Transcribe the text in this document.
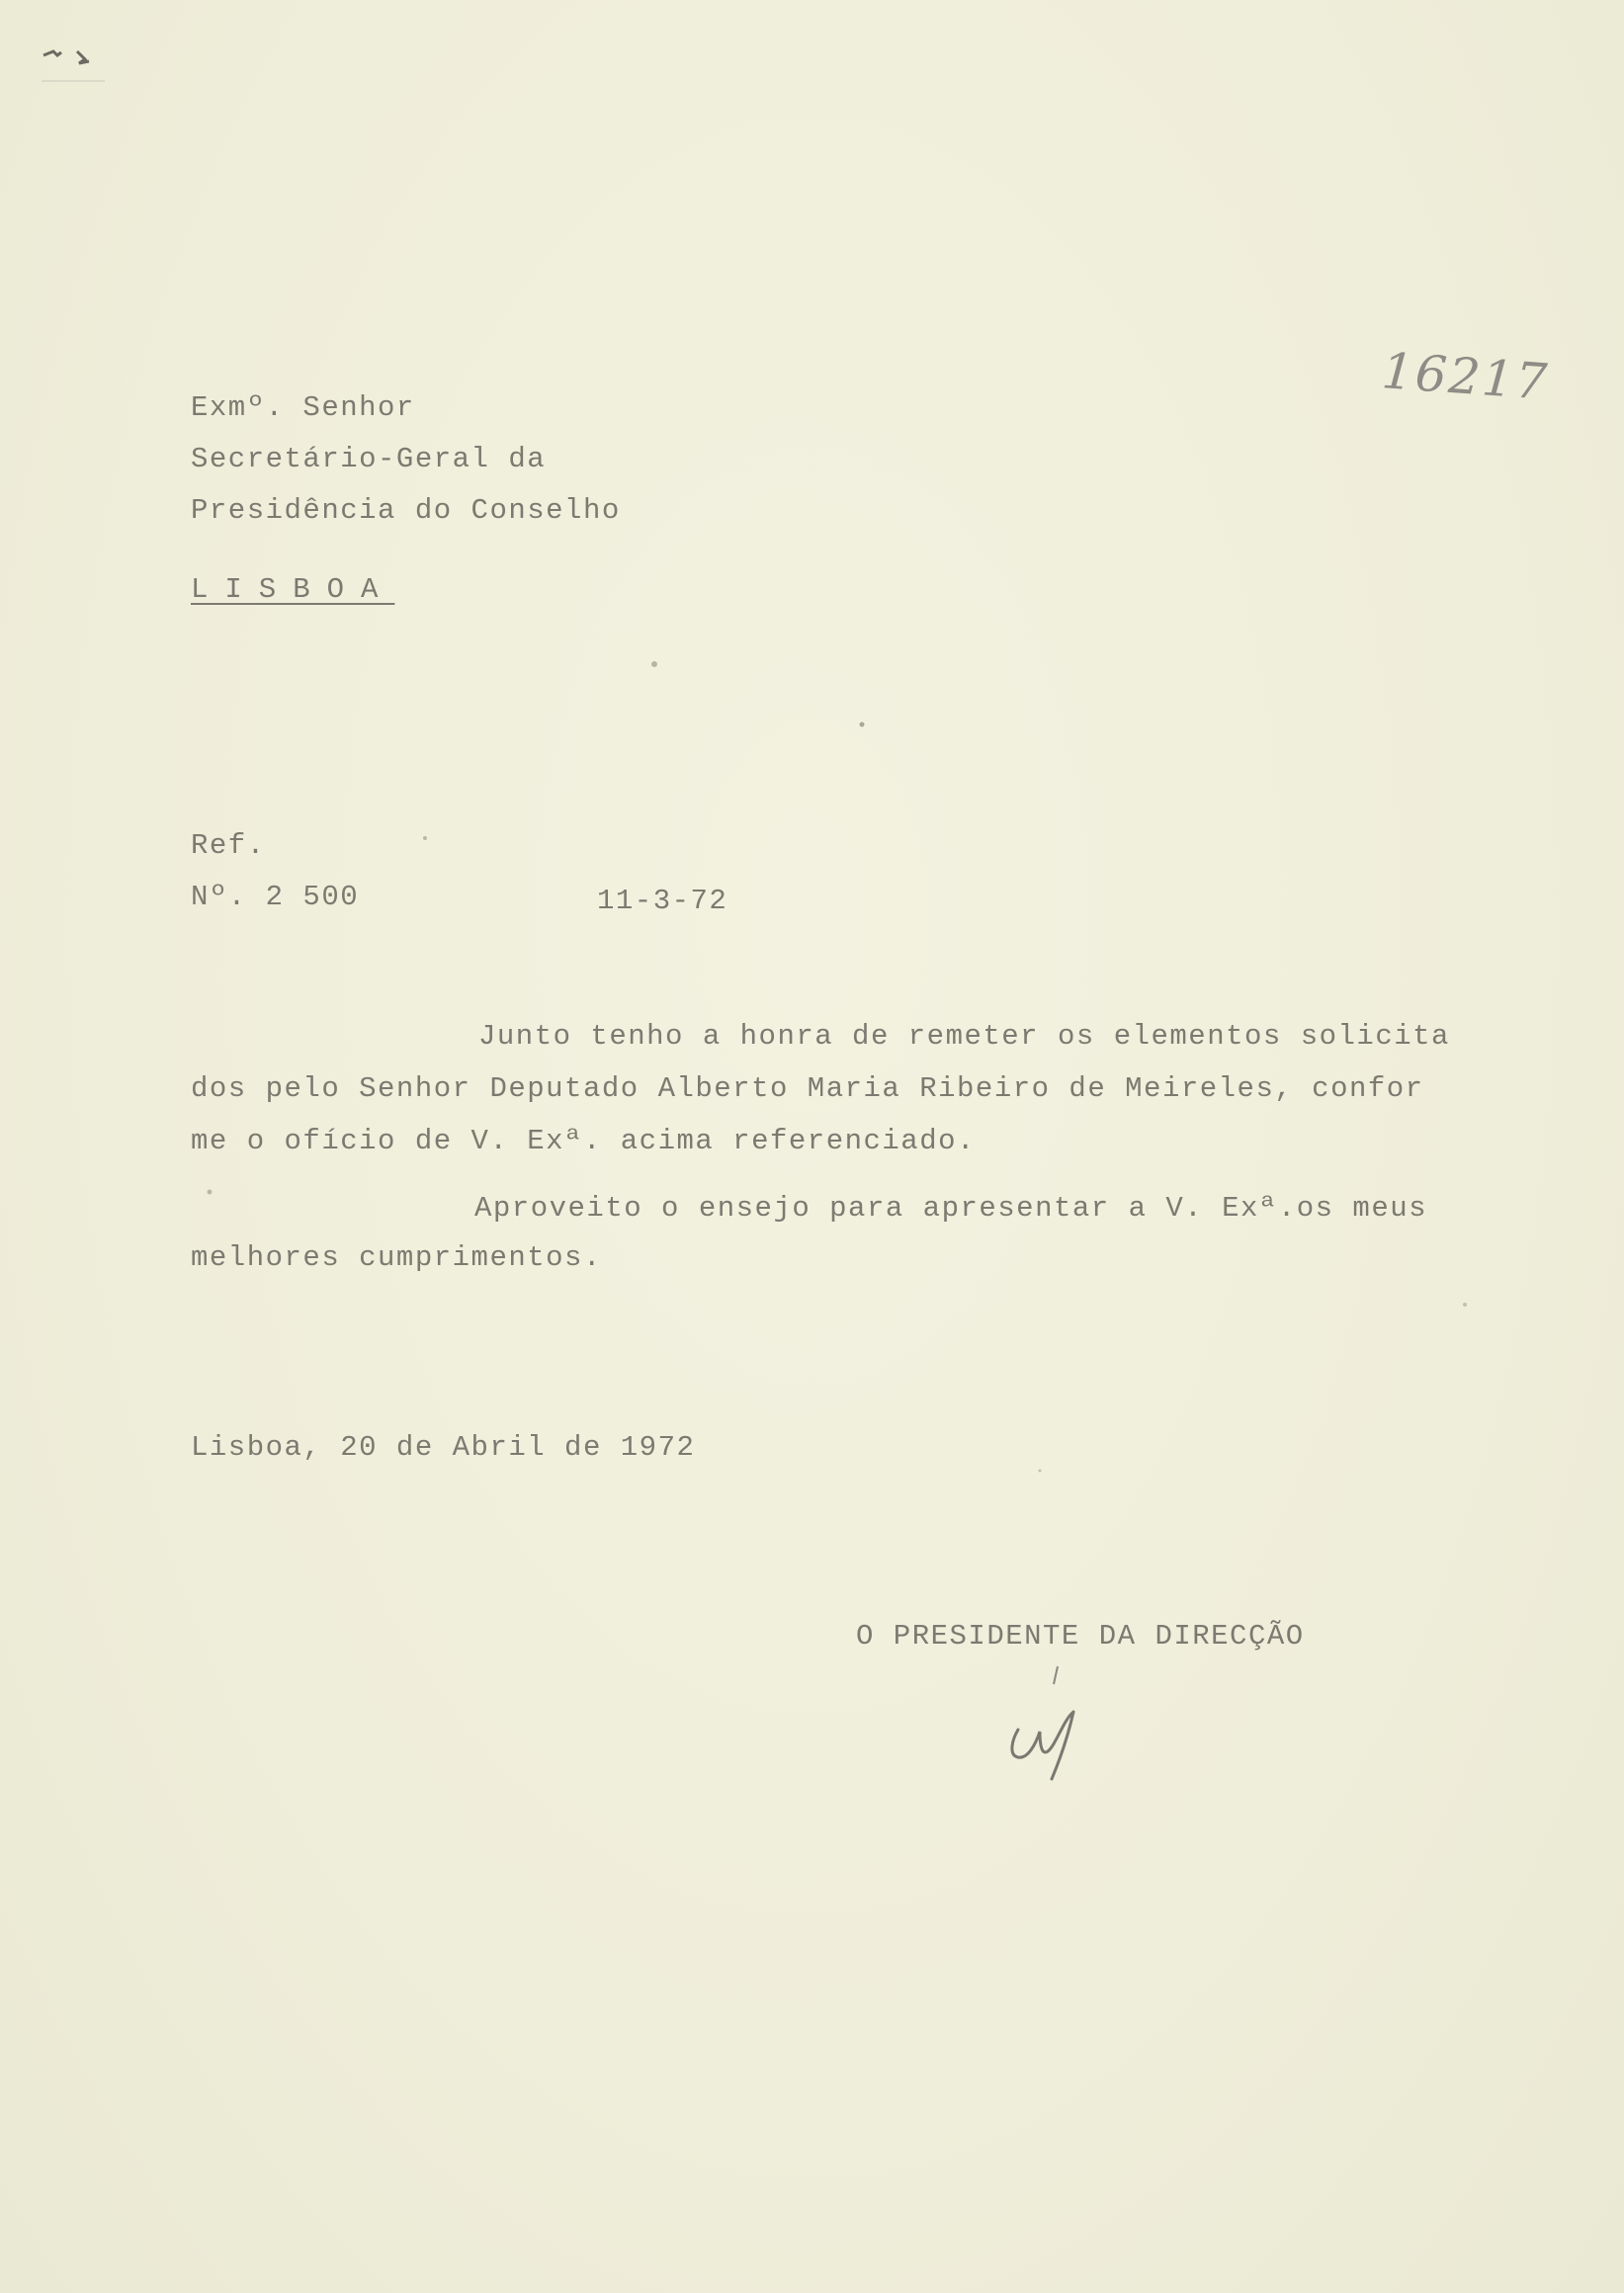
16217
Exmº. Senhor
Secretário-Geral da
Presidência do Conselho
LISBOA
Ref.
Nº. 2 500	11-3-72
Junto tenho a honra de remeter os elementos solicita
dos pelo Senhor Deputado Alberto Maria Ribeiro de Meireles, confor
me o ofício de V. Exª. acima referenciado.
Aproveito o ensejo para apresentar a V. Exª.os meus
melhores cumprimentos.
Lisboa, 20 de Abril de 1972
O PRESIDENTE DA DIRECÇÃO
